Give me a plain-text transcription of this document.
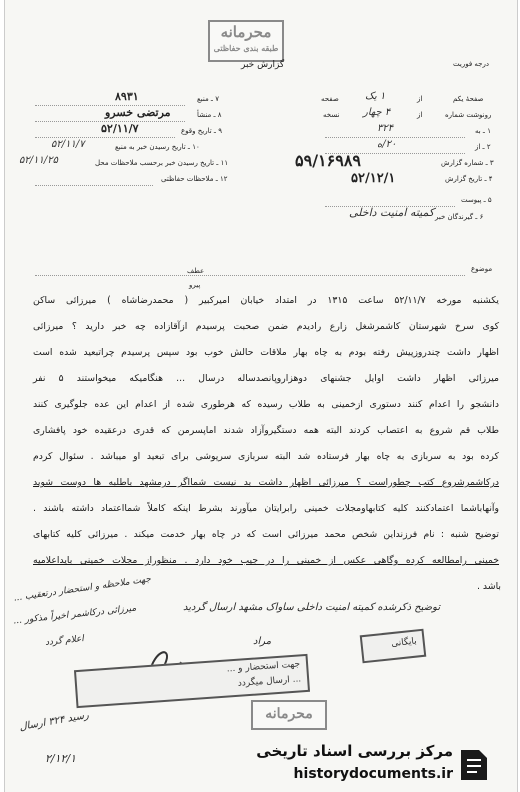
محرمانه
طبقه بندی حفاظتی
گزارش خبر	درجه فوریت
۷ ـ منبع
۸۹۳۱
۸ ـ منشأ
مرتضی خسرو
۹ ـ تاریخ وقوع
۵۲/۱۱/۷
۱۰ ـ تاریخ رسیدن خبر به منبع
۵۲/۱۱/۷
۱۱ ـ تاریخ رسیدن خبر برحسب ملاحظات محل
۵۲/۱۱/۲۵
۱۲ ـ ملاحظات حفاظتی
صفحهٔ یکم
از
۱ یک
صفحه
رونوشت شماره
از
۴ چهار
نسخه
۱ ـ به
۳۲۴
۲ ـ از
۲۰/ه
۳ ـ شماره گزارش
۵۹/۱۶۹۸۹
۴ ـ تاریخ گزارش
۵۲/۱۲/۱
۵ ـ پیوست
۶ ـ گیرندگان خبر
کمیته امنیت داخلی
موضوع
عطف
پیرو
یکشنبه مورخه ۵۲/۱۱/۷ ساعت ۱۳۱۵ در امتداد خیابان امیرکبیر ( محمدرضاشاه ) میرزائی ساکن
کوی سرخ شهرستان کاشمرشغل زارع رادیدم ضمن صحبت پرسیدم ازآقازاده چه خبر دارید ؟ میرزائی
اظهار داشت چندروزپیش رفته بودم به چاه بهار ملاقات حالش خوب بود سپس پرسیدم چراتبعید شده است
میرزائی اظهار داشت اوایل جشنهای دوهزاروپانصدساله درسال ... هنگامیکه میخواستند ۵ نفر
دانشجو را اعدام کنند دستوری ازخمینی به طلاب رسیده که هرطوری شده از اعدام این عده جلوگیری کنند
طلاب قم شروع به اعتصاب کردند البته همه دستگیروآزاد شدند اماپسرمن که قدری درعقیده خود پافشاری
کرده بود به سربازی به چاه بهار فرستاده شد البته سربازی سرپوشی برای تبعید او میباشد . سئوال کردم
درکاشمرشروع کتب چطوراست ؟ میرزائی اظهار داشت بد نیست شمااگر درمشهد باطلبه ها دوست شوید
وآنهاباشما اعتمادکنند کلیه کتابهاومجلات خمینی رابرایتان میآورند بشرط اینکه کاملاً شمااعتماد داشته باشند .
توضیح شنبه : نام فرزنداین شخص محمد میرزائی است که در چاه بهار خدمت میکند . میرزائی کلیه کتابهای
خمینی رامطالعه کرده وگاهی عکس از خمینی را در جیب خود دارد . منظوراز مجلات خمینی بایداعلامیه
باشد .
توضیح ذکرشده کمیته امنیت داخلی ساواک مشهد ارسال گردید
جهت ملاحظه و استحضار درتعقیب ...
میرزائی درکاشمر اخیراً مذکور ...
اعلام گردد	مراد
رسید ۳۲۴ ارسال
۲/۱۲/۱
جهت استحضار و ...
... ارسال میگردد
بایگانی
محرمانه
مرکز بررسی اسناد تاریخی
historydocuments.ir
